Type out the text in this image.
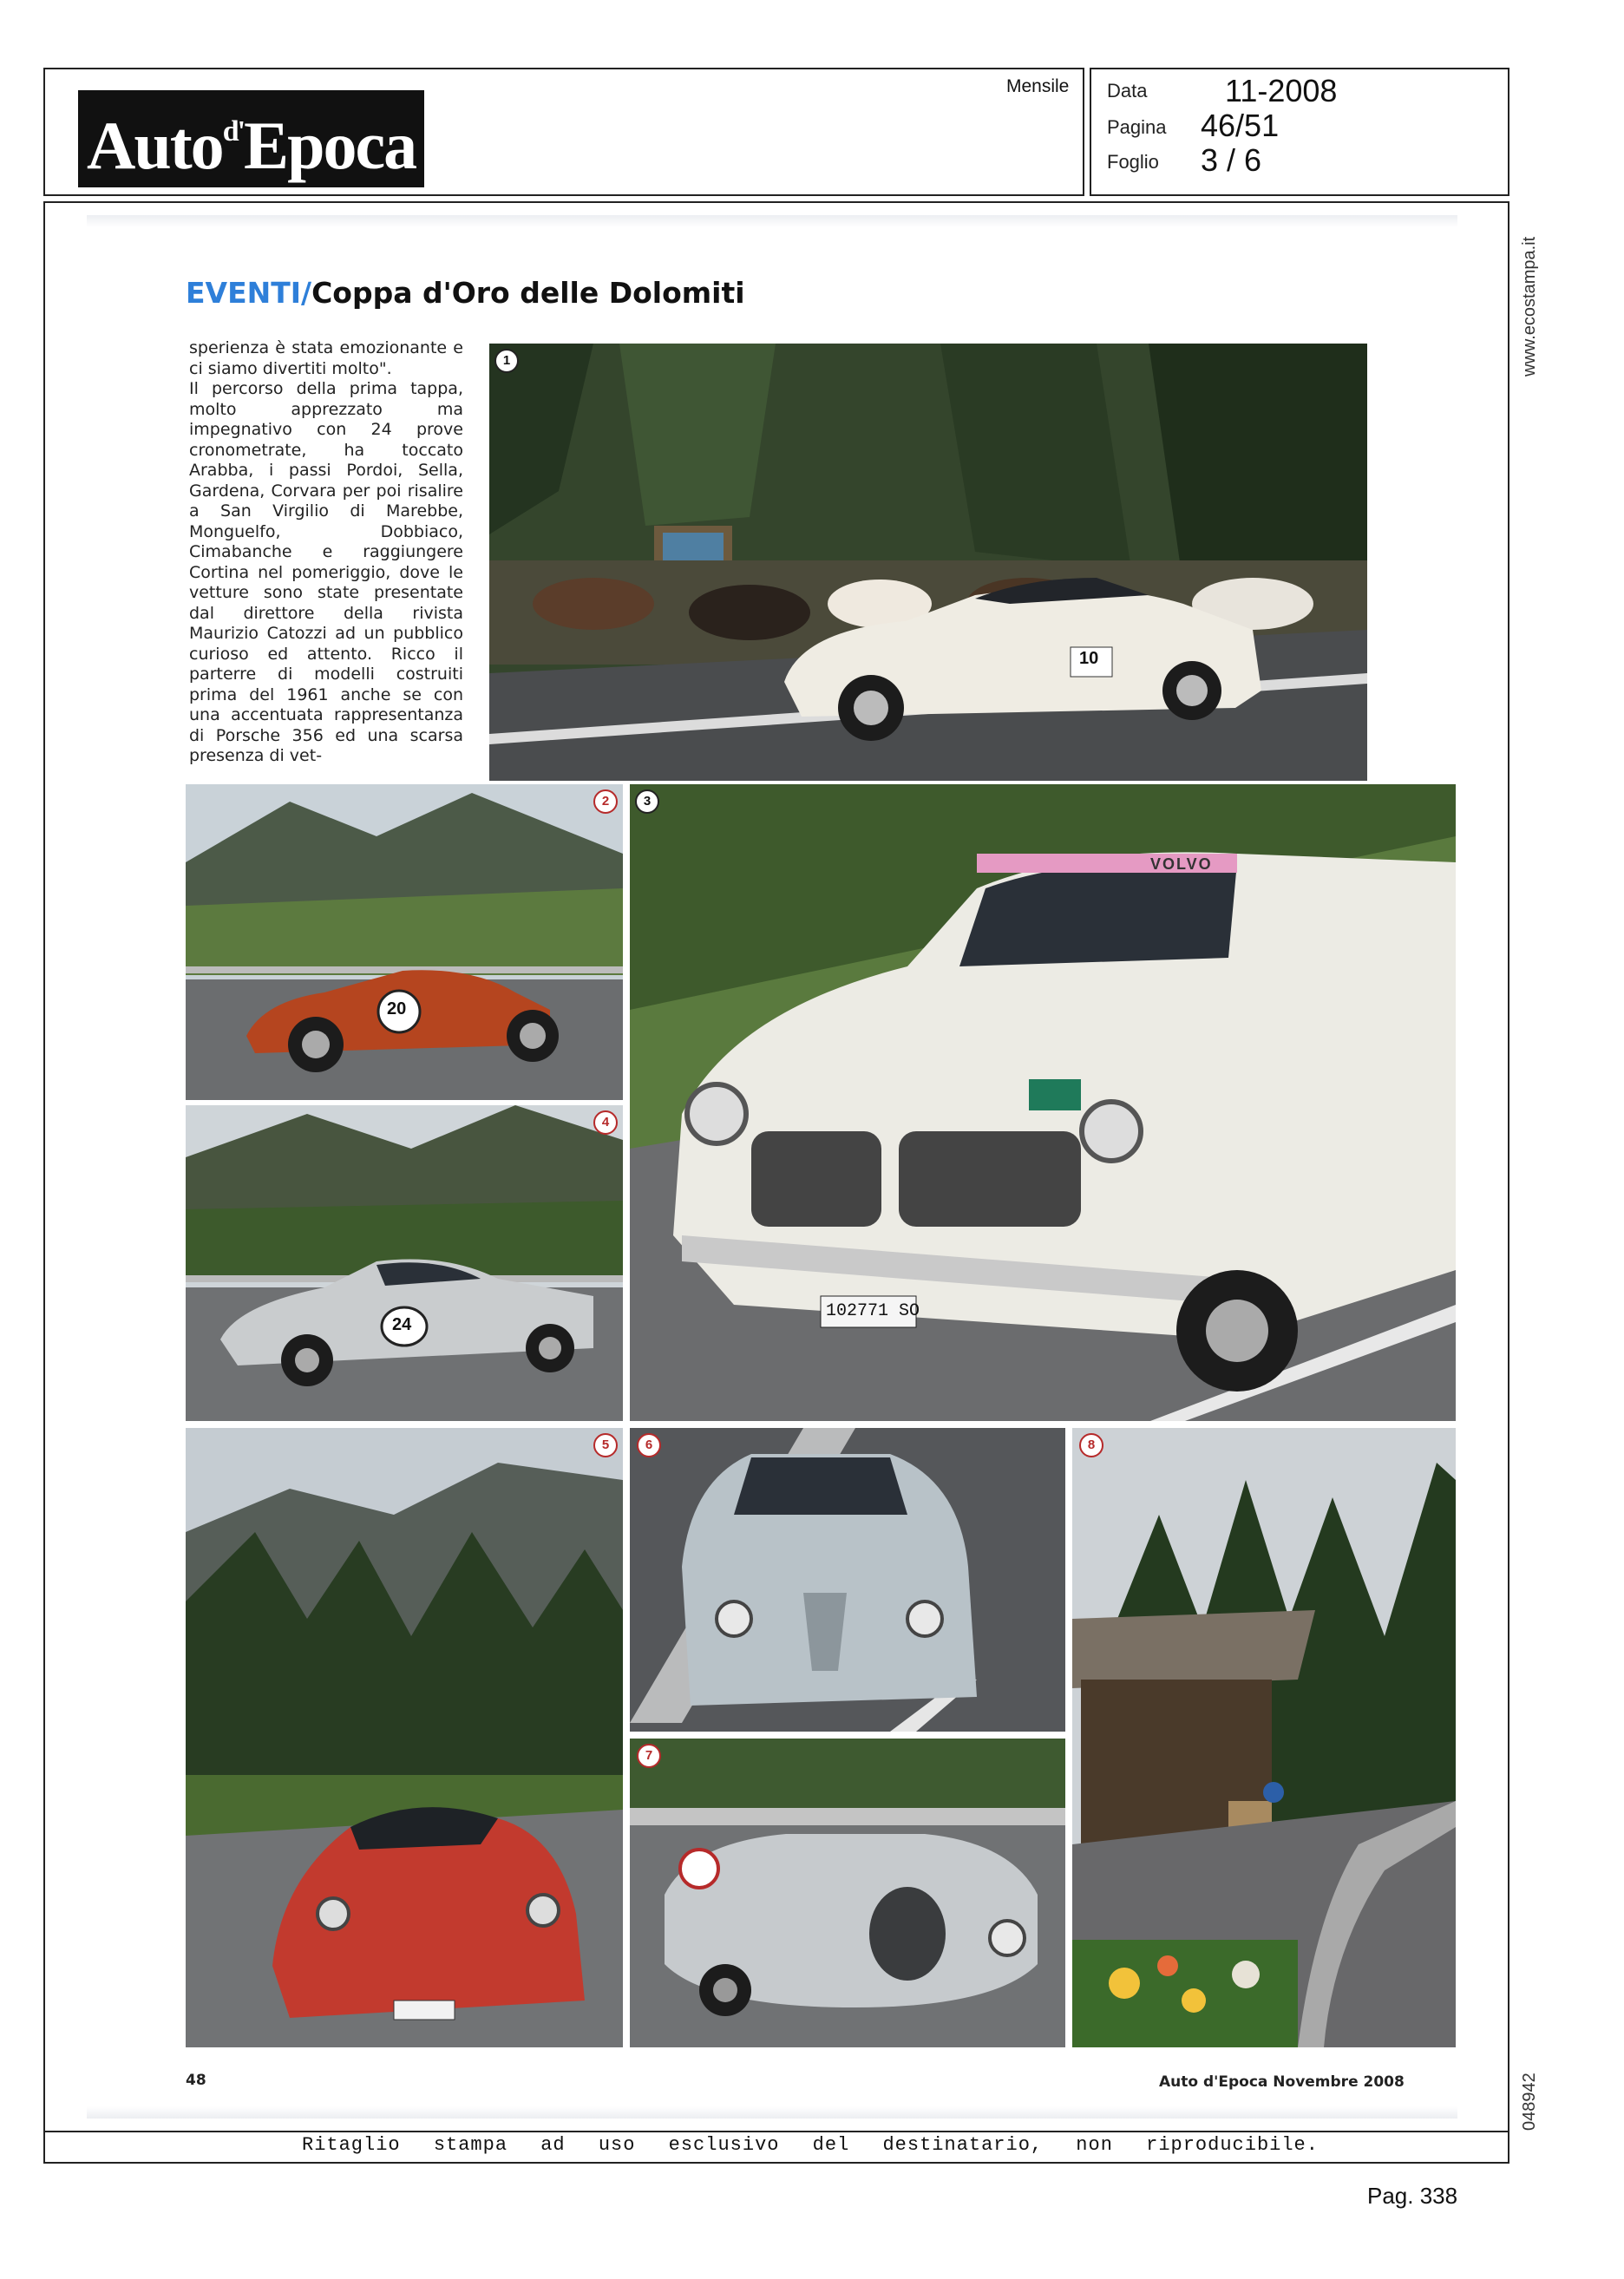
Auto$^{d'}$Epoca
Mensile Data 11-2008
Pagina 46/51
Foglio 3 / 6
www.ecostampa.it
048942
EVENTI/Coppa d'Oro delle Dolomiti
sperienza è stata emozionante e ci siamo divertiti molto".
Il percorso della prima tappa, molto apprezzato ma impegnativo con 24 prove cronometrate, ha toccato Arabba, i passi Pordoi, Sella, Gardena, Corvara per poi risalire a San Virgilio di Marebbe, Monguelfo, Dobbiaco, Cimabanche e raggiungere Cortina nel pomeriggio, dove le vetture sono state presentate dal direttore della rivista Maurizio Catozzi ad un pubblico curioso ed attento. Ricco il parterre di modelli costruiti prima del 1961 anche se con una accentuata rappresentanza di Porsche 356 ed una scarsa presenza di vet-
10
1
20
2
VOLVO
102771 SO
3
24
4
5	6
7
8
48	Auto d'Epoca Novembre 2008
Ritaglio stampa ad uso esclusivo del destinatario, non riproducibile.
Pag. 338
